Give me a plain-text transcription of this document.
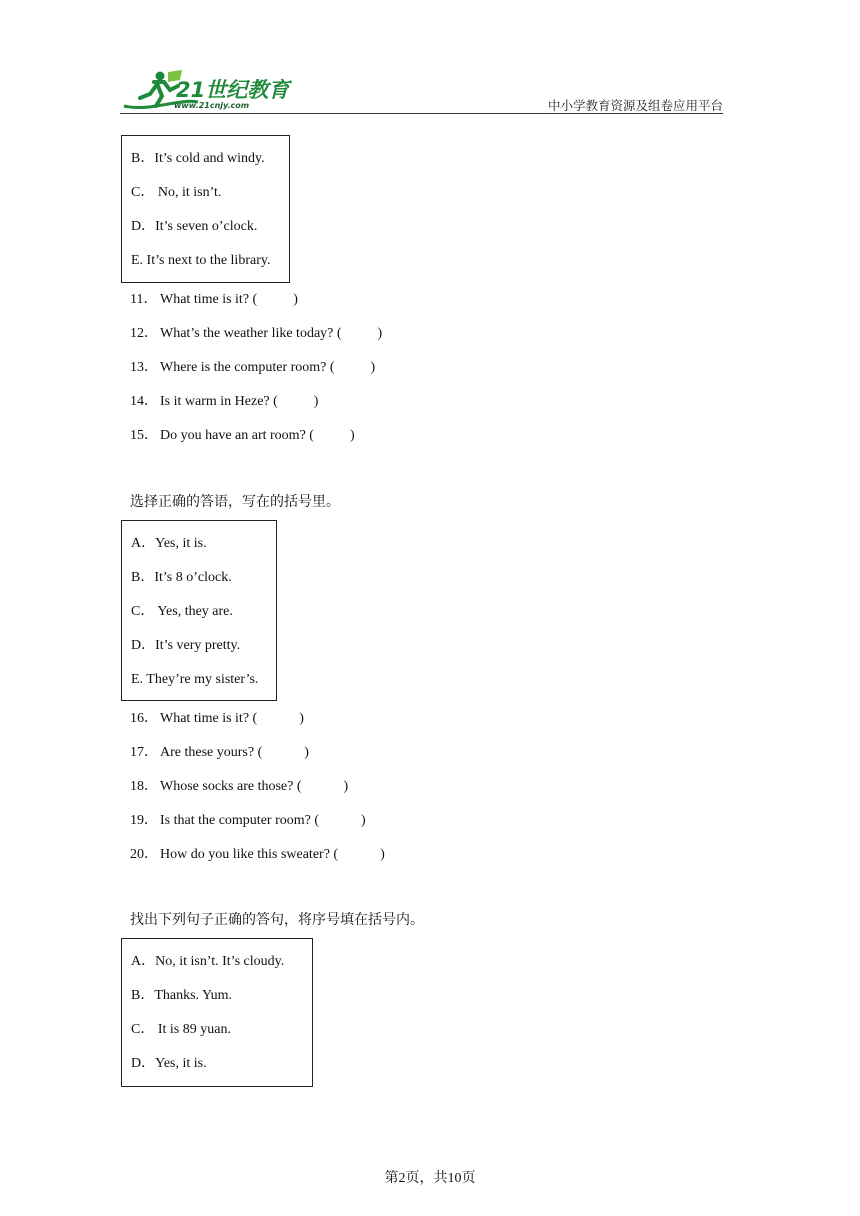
21世纪教育
www.21cnjy.com	中小学教育资源及组卷应用平台
B．It’s cold and windy.
C． No, it isn’t.
D．It’s seven o’clock.
E. It’s next to the library.
11． What time is it? (	)
12． What’s the weather like today? (	)
13． Where is the computer room? (	)
14． Is it warm in Heze? (	)
15． Do you have an art room? (	)
选择正确的答语，写在的括号里。
A．Yes, it is.
B．It’s 8 o’clock.
C． Yes, they are.
D．It’s very pretty.
E. They’re my sister’s.
16． What time is it? (	)
17． Are these yours? (	)
18． Whose socks are those? (	)
19． Is that the computer room? (	)
20． How do you like this sweater? (	)
找出下列句子正确的答句，将序号填在括号内。
A．No, it isn’t. It’s cloudy.
B．Thanks. Yum.
C． It is 89 yuan.
D．Yes, it is.
第2页，共10页
